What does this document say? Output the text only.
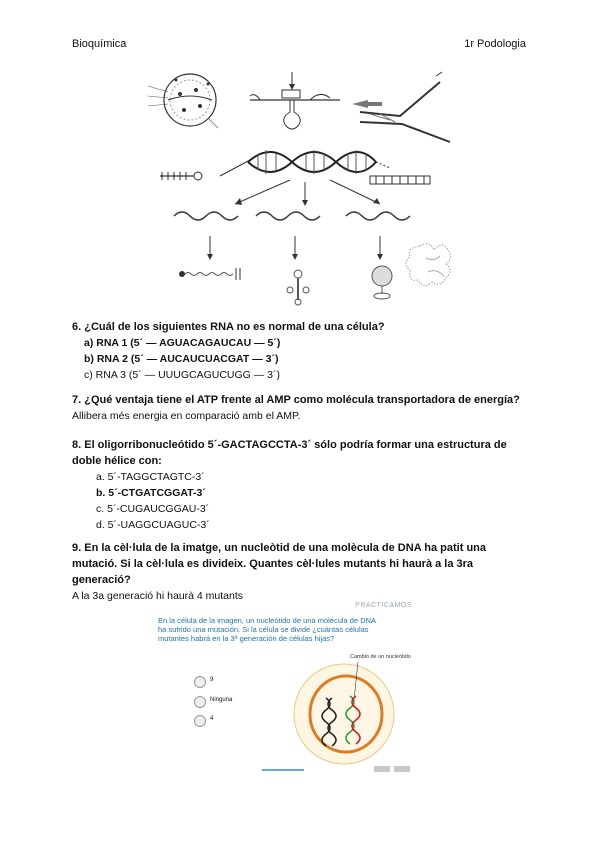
Bioquímica	1r Podologia
6. ¿Cuál de los siguientes RNA no es normal de una célula?
a) RNA 1 (5´ — AGUACAGAUCAU — 5´)
b) RNA 2 (5´ — AUCAUCUACGAT — 3´)
c) RNA 3 (5´ — UUUGCAGUCUGG — 3´)
7. ¿Qué ventaja tiene el ATP frente al AMP como molécula transportadora de energía?
Allibera més energia en comparació amb el AMP.
8. El oligorribonucleótido 5´-GACTAGCCTA-3´ sólo podría formar una estructura de
doble hélice con:
a. 5´-TAGGCTAGTC-3´
b. 5´-CTGATCGGAT-3´
c. 5´-CUGAUCGGAU-3´
d. 5´-UAGGCUAGUC-3´
9. En la cèl·lula de la imatge, un nucleòtid de una molècula de DNA ha patit una
mutació. Si la cèl·lula es divideix. Quantes cèl·lules mutants hi haurà a la 3ra
generació?
A la 3a generació hi haurà 4 mutants
PRACTICAMOS
En la célula de la imagen, un nucleótido de una molécula de DNA
ha sufrido una mutación. Si la célula se divide ¿cuántas células
mutantes habrá en la 3ª generación de células hijas?
9
Ninguna
4
Cambio de un nucleótido
